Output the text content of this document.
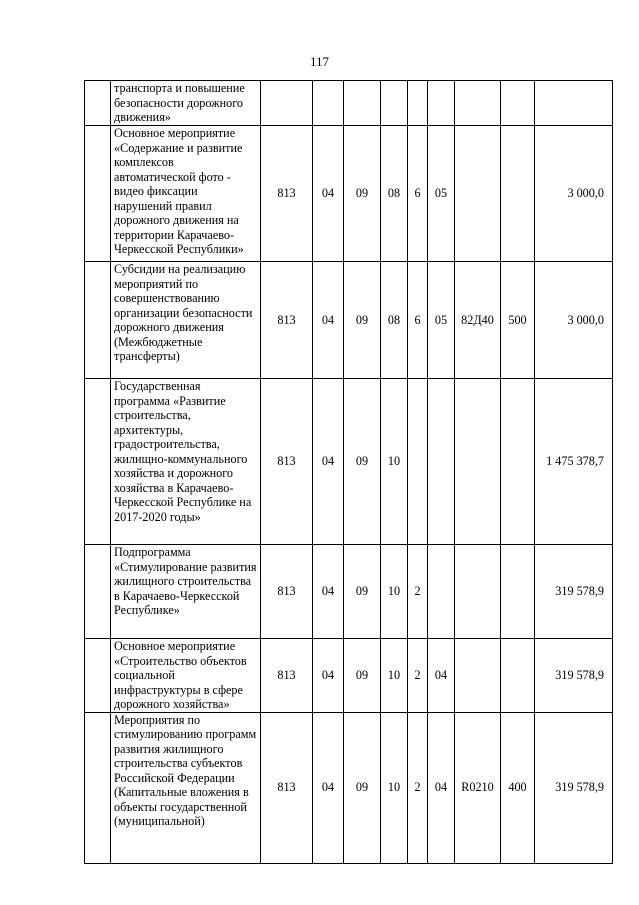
117
	транспорта и повышение безопасности дорожного движения»									
	Основное мероприятие «Содержание и развитие комплексов автоматической фото - видео фиксации нарушений правил дорожного движения на территории Карачаево-Черкесской Республики»	813	04	09	08	6	05			3 000,0
	Субсидии на реализацию мероприятий по совершенствованию организации безопасности дорожного движения (Межбюджетные трансферты)	813	04	09	08	6	05	82Д40	500	3 000,0
	Государственная программа «Развитие строительства, архитектуры, градостроительства, жилищно-коммунального хозяйства и дорожного хозяйства в Карачаево-Черкесской Республике на 2017-2020 годы»	813	04	09	10					1 475 378,7
	Подпрограмма «Стимулирование развития жилищного строительства в Карачаево-Черкесской Республике»	813	04	09	10	2				319 578,9
	Основное мероприятие «Строительство объектов социальной инфраструктуры в сфере дорожного хозяйства»	813	04	09	10	2	04			319 578,9
	Мероприятия по стимулированию программ развития жилищного строительства субъектов Российской Федерации (Капитальные вложения в объекты государственной (муниципальной)	813	04	09	10	2	04	R0210	400	319 578,9
